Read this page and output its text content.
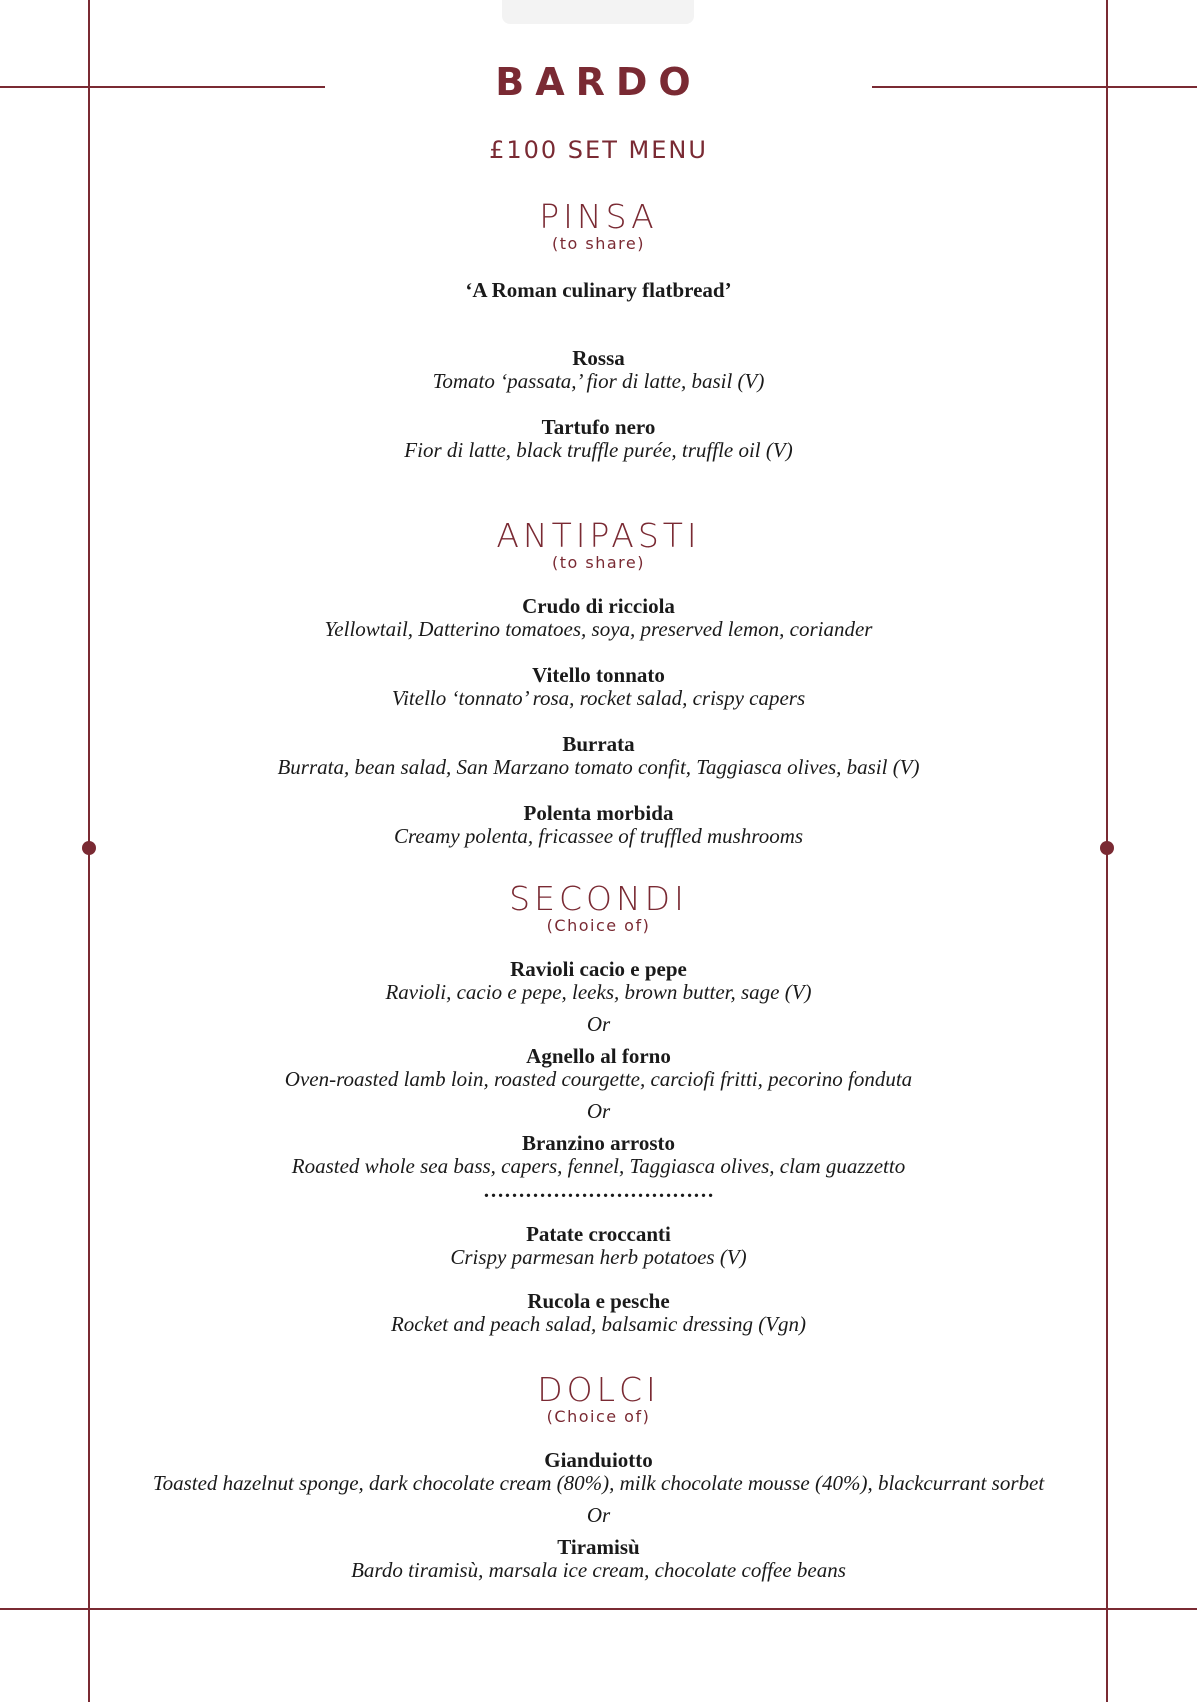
BARDO
£100 SET MENU
PINSA
(to share)
‘A Roman culinary flatbread’
Rossa
Tomato ‘passata,’ fior di latte, basil (V)
Tartufo nero
Fior di latte, black truffle purée, truffle oil (V)
ANTIPASTI
(to share)
Crudo di ricciola
Yellowtail, Datterino tomatoes, soya, preserved lemon, coriander
Vitello tonnato
Vitello ‘tonnato’ rosa, rocket salad, crispy capers
Burrata
Burrata, bean salad, San Marzano tomato confit, Taggiasca olives, basil (V)
Polenta morbida
Creamy polenta, fricassee of truffled mushrooms
SECONDI
(Choice of)
Ravioli cacio e pepe
Ravioli, cacio e pepe, leeks, brown butter, sage (V)
Or
Agnello al forno
Oven-roasted lamb loin, roasted courgette, carciofi fritti, pecorino fonduta
Or
Branzino arrosto
Roasted whole sea bass, capers, fennel, Taggiasca olives, clam guazzetto
……………………………
Patate croccanti
Crispy parmesan herb potatoes (V)
Rucola e pesche
Rocket and peach salad, balsamic dressing (Vgn)
DOLCI
(Choice of)
Gianduiotto
Toasted hazelnut sponge, dark chocolate cream (80%), milk chocolate mousse (40%), blackcurrant sorbet
Or
Tiramisù
Bardo tiramisù, marsala ice cream, chocolate coffee beans
